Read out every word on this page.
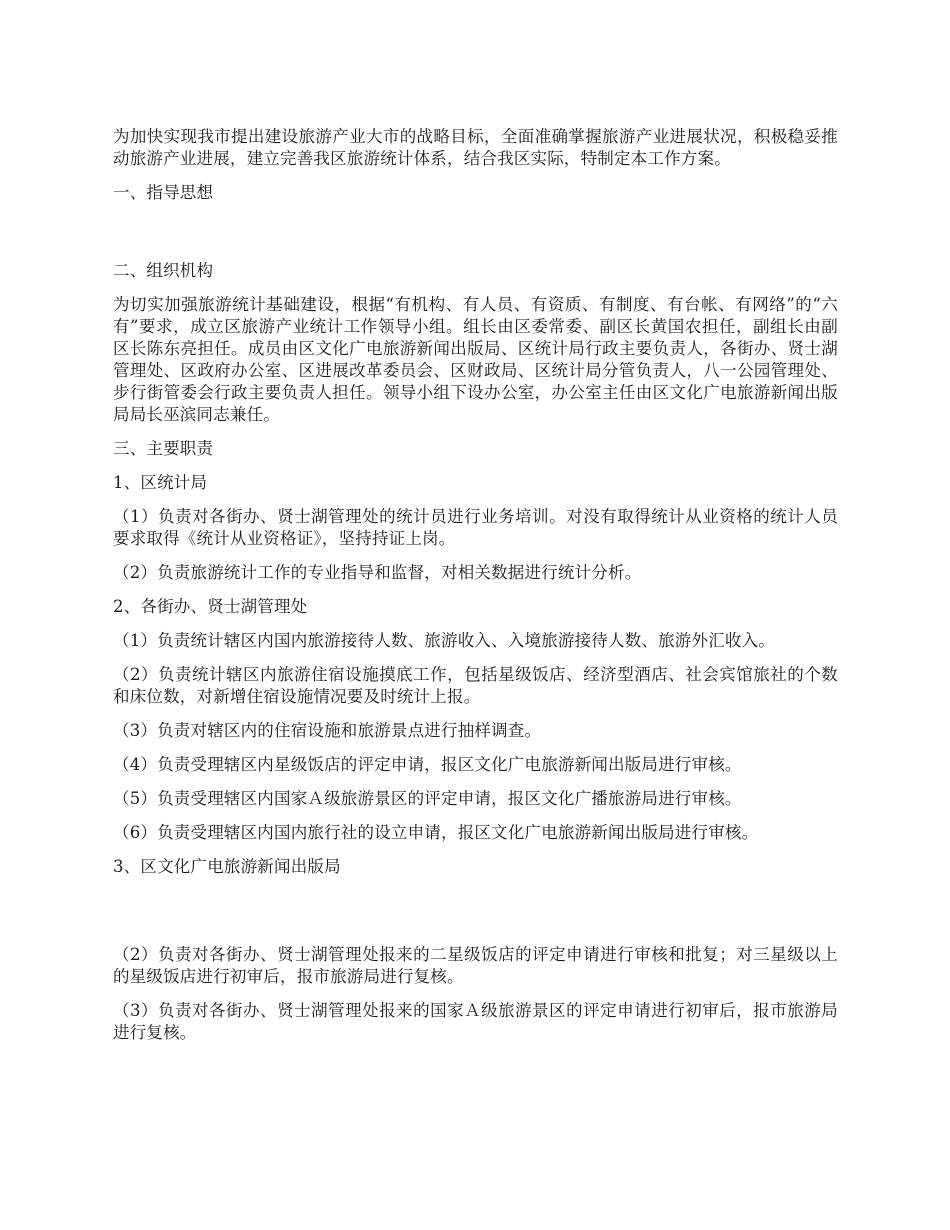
为加快实现我市提出建设旅游产业大市的战略目标，全面准确掌握旅游产业进展状况，积极稳妥推动旅游产业进展，建立完善我区旅游统计体系，结合我区实际，特制定本工作方案。

一、指导思想

二、组织机构

为切实加强旅游统计基础建设，根据“有机构、有人员、有资质、有制度、有台帐、有网络”的“六有”要求，成立区旅游产业统计工作领导小组。组长由区委常委、副区长黄国农担任，副组长由副区长陈东亮担任。成员由区文化广电旅游新闻出版局、区统计局行政主要负责人，各街办、贤士湖管理处、区政府办公室、区进展改革委员会、区财政局、区统计局分管负责人，八一公园管理处、步行街管委会行政主要负责人担任。领导小组下设办公室，办公室主任由区文化广电旅游新闻出版局局长巫滨同志兼任。

三、主要职责

1、区统计局

（1）负责对各街办、贤士湖管理处的统计员进行业务培训。对没有取得统计从业资格的统计人员要求取得《统计从业资格证》，坚持持证上岗。

（2）负责旅游统计工作的专业指导和监督，对相关数据进行统计分析。

2、各街办、贤士湖管理处

（1）负责统计辖区内国内旅游接待人数、旅游收入、入境旅游接待人数、旅游外汇收入。

（2）负责统计辖区内旅游住宿设施摸底工作，包括星级饭店、经济型酒店、社会宾馆旅社的个数和床位数，对新增住宿设施情况要及时统计上报。

（3）负责对辖区内的住宿设施和旅游景点进行抽样调查。

（4）负责受理辖区内星级饭店的评定申请，报区文化广电旅游新闻出版局进行审核。

（5）负责受理辖区内国家Ａ级旅游景区的评定申请，报区文化广播旅游局进行审核。

（6）负责受理辖区内国内旅行社的设立申请，报区文化广电旅游新闻出版局进行审核。

3、区文化广电旅游新闻出版局

（2）负责对各街办、贤士湖管理处报来的二星级饭店的评定申请进行审核和批复；对三星级以上的星级饭店进行初审后，报市旅游局进行复核。

（3）负责对各街办、贤士湖管理处报来的国家Ａ级旅游景区的评定申请进行初审后，报市旅游局进行复核。
